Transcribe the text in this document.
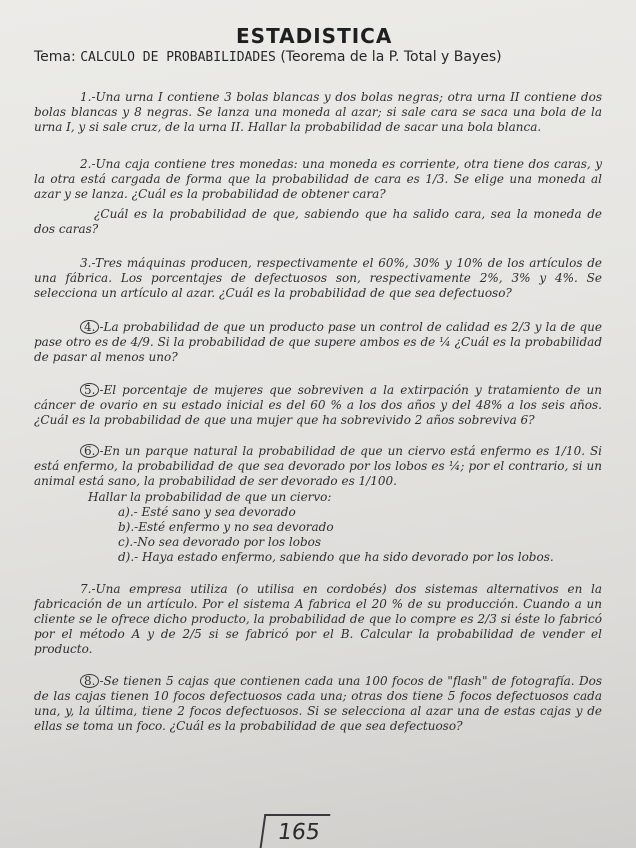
ESTADISTICA
Tema: CALCULO DE PROBABILIDADES (Teorema de la P. Total y Bayes)

1.-Una urna I contiene 3 bolas blancas y dos bolas negras; otra urna II contiene dos bolas blancas y 8 negras. Se lanza una moneda al azar; si sale cara se saca una bola de la urna I, y si sale cruz, de la urna II. Hallar la probabilidad de sacar una bola blanca.

2.-Una caja contiene tres monedas: una moneda es corriente, otra tiene dos caras, y la otra está cargada de forma que la probabilidad de cara es 1/3. Se elige una moneda al azar y se lanza. ¿Cuál es la probabilidad de obtener cara?

¿Cuál es la probabilidad de que, sabiendo que ha salido cara, sea la moneda de dos caras?

3.-Tres máquinas producen, respectivamente el 60%, 30% y 10% de los artículos de una fábrica. Los porcentajes de defectuosos son, respectivamente 2%, 3% y 4%. Se selecciona un artículo al azar. ¿Cuál es la probabilidad de que sea defectuoso?

4. -La probabilidad de que un producto pase un control de calidad es 2/3 y la de que pase otro es de 4/9. Si la probabilidad de que supere ambos es de ¼ ¿Cuál es la probabilidad de pasar al menos uno?

5. -El porcentaje de mujeres que sobreviven a la extirpación y tratamiento de un cáncer de ovario en su estado inicial es del 60 % a los dos años y del 48% a los seis años. ¿Cuál es la probabilidad de que una mujer que ha sobrevivido 2 años sobreviva 6?

6. -En un parque natural la probabilidad de que un ciervo está enfermo es 1/10. Si está enfermo, la probabilidad de que sea devorado por los lobos es ¼; por el contrario, si un animal está sano, la probabilidad de ser devorado es 1/100.

Hallar la probabilidad de que un ciervo:

a).- Esté sano y sea devorado

b).-Esté enfermo y no sea devorado

c).-No sea devorado por los lobos

d).- Haya estado enfermo, sabiendo que ha sido devorado por los lobos.

7.-Una empresa utiliza (o utilisa en cordobés) dos sistemas alternativos en la fabricación de un artículo. Por el sistema A fabrica el 20 % de su producción. Cuando a un cliente se le ofrece dicho producto, la probabilidad de que lo compre es 2/3 si éste lo fabricó por el método A y de 2/5 si se fabricó por el B. Calcular la probabilidad de vender el producto.

8. -Se tienen 5 cajas que contienen cada una 100 focos de "flash" de fotografía. Dos de las cajas tienen 10 focos defectuosos cada una; otras dos tiene 5 focos defectuosos cada una, y, la última, tiene 2 focos defectuosos. Si se selecciona al azar una de estas cajas y de ellas se toma un foco. ¿Cuál es la probabilidad de que sea defectuoso?

165
